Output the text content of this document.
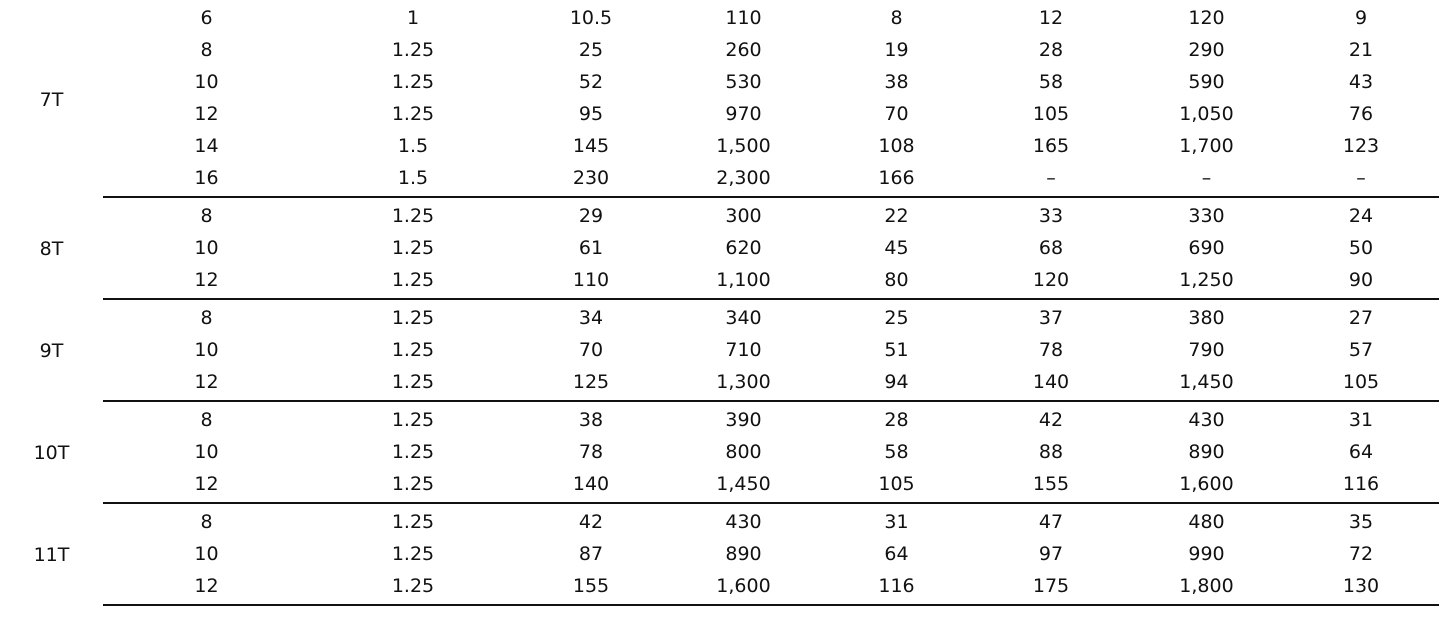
7T	6	1	10.5	110	8	12	120	9
	8	1.25	25	260	19	28	290	21
	10	1.25	52	530	38	58	590	43
	12	1.25	95	970	70	105	1,050	76
	14	1.5	145	1,500	108	165	1,700	123
	16	1.5	230	2,300	166	–	–	–
8T	8	1.25	29	300	22	33	330	24
	10	1.25	61	620	45	68	690	50
	12	1.25	110	1,100	80	120	1,250	90
9T	8	1.25	34	340	25	37	380	27
	10	1.25	70	710	51	78	790	57
	12	1.25	125	1,300	94	140	1,450	105
10T	8	1.25	38	390	28	42	430	31
	10	1.25	78	800	58	88	890	64
	12	1.25	140	1,450	105	155	1,600	116
11T	8	1.25	42	430	31	47	480	35
	10	1.25	87	890	64	97	990	72
	12	1.25	155	1,600	116	175	1,800	130
